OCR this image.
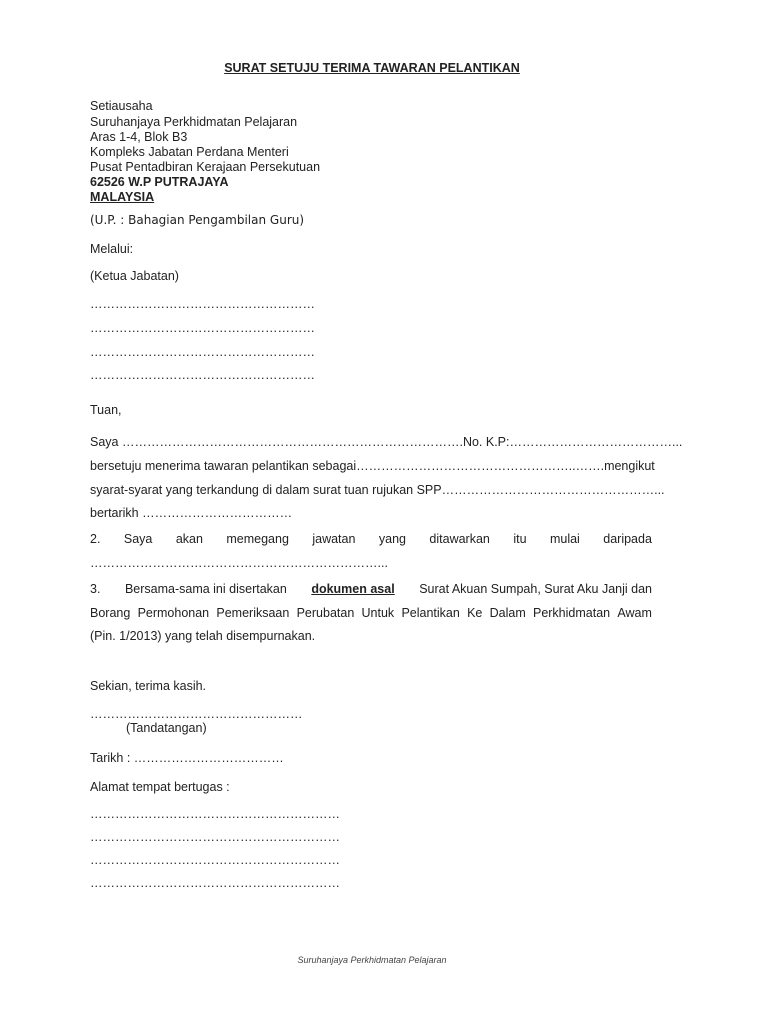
SURAT SETUJU TERIMA TAWARAN PELANTIKAN
Setiausaha
Suruhanjaya Perkhidmatan Pelajaran
Aras 1-4, Blok B3
Kompleks Jabatan Perdana Menteri
Pusat Pentadbiran Kerajaan Persekutuan
62526 W.P PUTRAJAYA
MALAYSIA
(U.P. : Bahagian Pengambilan Guru)
Melalui:
(Ketua Jabatan)
………………………………………………
………………………………………………
………………………………………………
………………………………………………
Tuan,
Saya ………………………………………………………………………. No. K.P:…………………………………...
bersetuju menerima tawaran pelantikan sebagai ……………………………………………..……. mengikut
syarat-syarat yang terkandung di dalam surat tuan rujukan SPP ……………………………………………...
bertarikh ………………………………
2. Saya akan memegang jawatan yang ditawarkan itu mulai daripada
……………………………………………………………...
3. Bersama-sama ini disertakan dokumen asal Surat Akuan Sumpah, Surat Aku Janji dan
Borang Permohonan Pemeriksaan Perubatan Untuk Pelantikan Ke Dalam Perkhidmatan Awam
(Pin. 1/2013) yang telah disempurnakan.
Sekian, terima kasih.
……………………………………………
(Tandatangan)
Tarikh : ………………………………
Alamat tempat bertugas :
……………………………………………………
……………………………………………………
……………………………………………………
……………………………………………………
Suruhanjaya Perkhidmatan Pelajaran
